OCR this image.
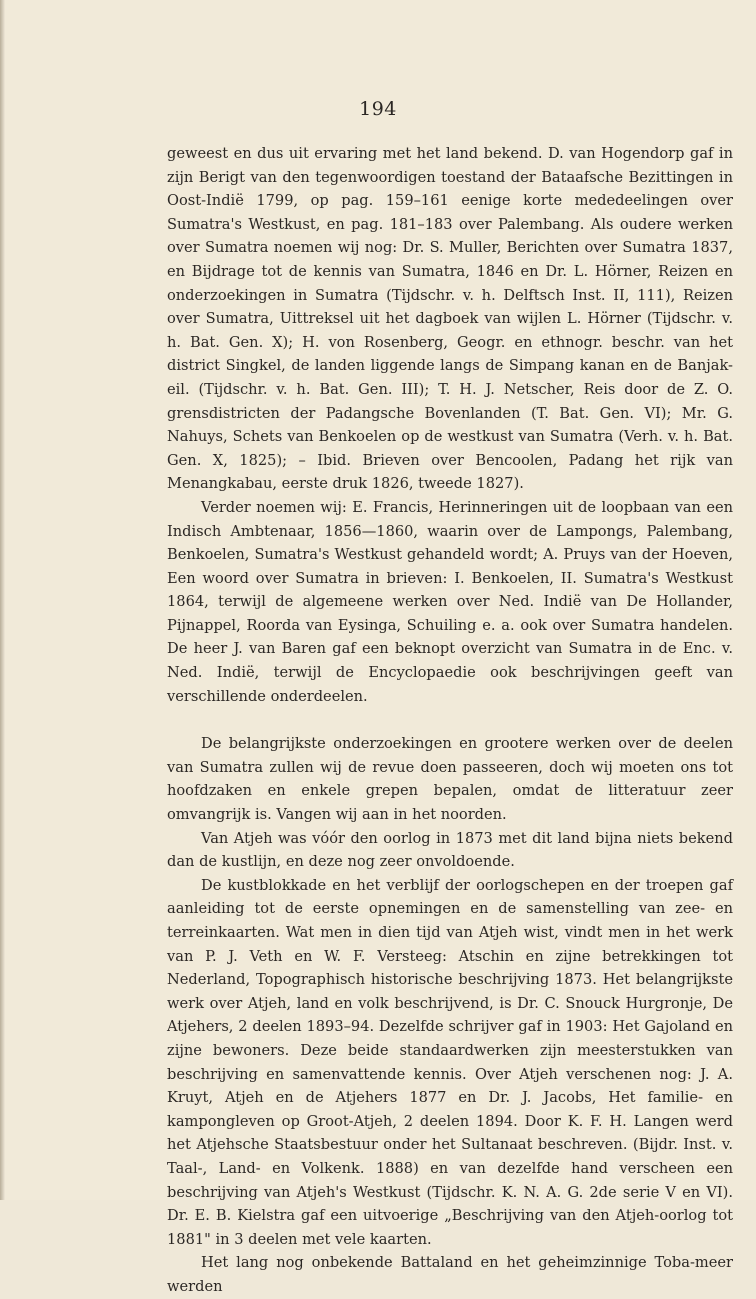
194

geweest en dus uit ervaring met het land bekend. D. van Hogendorp gaf in zijn Berigt van den tegenwoordigen toestand der Bataafsche Bezittingen in Oost-Indië 1799, op pag. 159–161 eenige korte mededeelingen over Sumatra's Westkust, en pag. 181–183 over Palembang. Als oudere werken over Sumatra noemen wij nog: Dr. S. Muller, Berichten over Sumatra 1837, en Bijdrage tot de kennis van Sumatra, 1846 en Dr. L. Hörner, Reizen en onderzoekingen in Sumatra (Tijdschr. v. h. Delftsch Inst. II, 111), Reizen over Sumatra, Uittreksel uit het dagboek van wijlen L. Hörner (Tijdschr. v. h. Bat. Gen. X); H. von Rosenberg, Geogr. en ethnogr. beschr. van het district Singkel, de landen liggende langs de Simpang kanan en de Banjak-eil. (Tijdschr. v. h. Bat. Gen. III); T. H. J. Netscher, Reis door de Z. O. grensdistricten der Padangsche Bovenlanden (T. Bat. Gen. VI); Mr. G. Nahuys, Schets van Benkoelen op de westkust van Sumatra (Verh. v. h. Bat. Gen. X, 1825); – Ibid. Brieven over Bencoolen, Padang het rijk van Menangkabau, eerste druk 1826, tweede 1827).

Verder noemen wij: E. Francis, Herinneringen uit de loopbaan van een Indisch Ambtenaar, 1856—1860, waarin over de Lampongs, Palembang, Benkoelen, Sumatra's Westkust gehandeld wordt; A. Pruys van der Hoeven, Een woord over Sumatra in brieven: I. Benkoelen, II. Sumatra's Westkust 1864, terwijl de algemeene werken over Ned. Indië van De Hollander, Pijnappel, Roorda van Eysinga, Schuiling e. a. ook over Sumatra handelen. De heer J. van Baren gaf een beknopt overzicht van Sumatra in de Enc. v. Ned. Indië, terwijl de Encyclopaedie ook beschrijvingen geeft van verschillende onderdeelen.

De belangrijkste onderzoekingen en grootere werken over de deelen van Sumatra zullen wij de revue doen passeeren, doch wij moeten ons tot hoofdzaken en enkele grepen bepalen, omdat de litteratuur zeer omvangrijk is. Vangen wij aan in het noorden.

Van Atjeh was vóór den oorlog in 1873 met dit land bijna niets bekend dan de kustlijn, en deze nog zeer onvoldoende.

De kustblokkade en het verblijf der oorlogschepen en der troepen gaf aanleiding tot de eerste opnemingen en de samenstelling van zee- en terreinkaarten. Wat men in dien tijd van Atjeh wist, vindt men in het werk van P. J. Veth en W. F. Versteeg: Atschin en zijne betrekkingen tot Nederland, Topographisch historische beschrijving 1873. Het belangrijkste werk over Atjeh, land en volk beschrijvend, is Dr. C. Snouck Hurgronje, De Atjehers, 2 deelen 1893–94. Dezelfde schrijver gaf in 1903: Het Gajoland en zijne bewoners. Deze beide standaardwerken zijn meesterstukken van beschrijving en samenvattende kennis. Over Atjeh verschenen nog: J. A. Kruyt, Atjeh en de Atjehers 1877 en Dr. J. Jacobs, Het familie- en kampongleven op Groot-Atjeh, 2 deelen 1894. Door K. F. H. Langen werd het Atjehsche Staatsbestuur onder het Sultanaat beschreven. (Bijdr. Inst. v. Taal-, Land- en Volkenk. 1888) en van dezelfde hand verscheen een beschrijving van Atjeh's Westkust (Tijdschr. K. N. A. G. 2de serie V en VI). Dr. E. B. Kielstra gaf een uitvoerige „Beschrijving van den Atjeh-oorlog tot 1881" in 3 deelen met vele kaarten.

Het lang nog onbekende Battaland en het geheimzinnige Toba-meer werden
